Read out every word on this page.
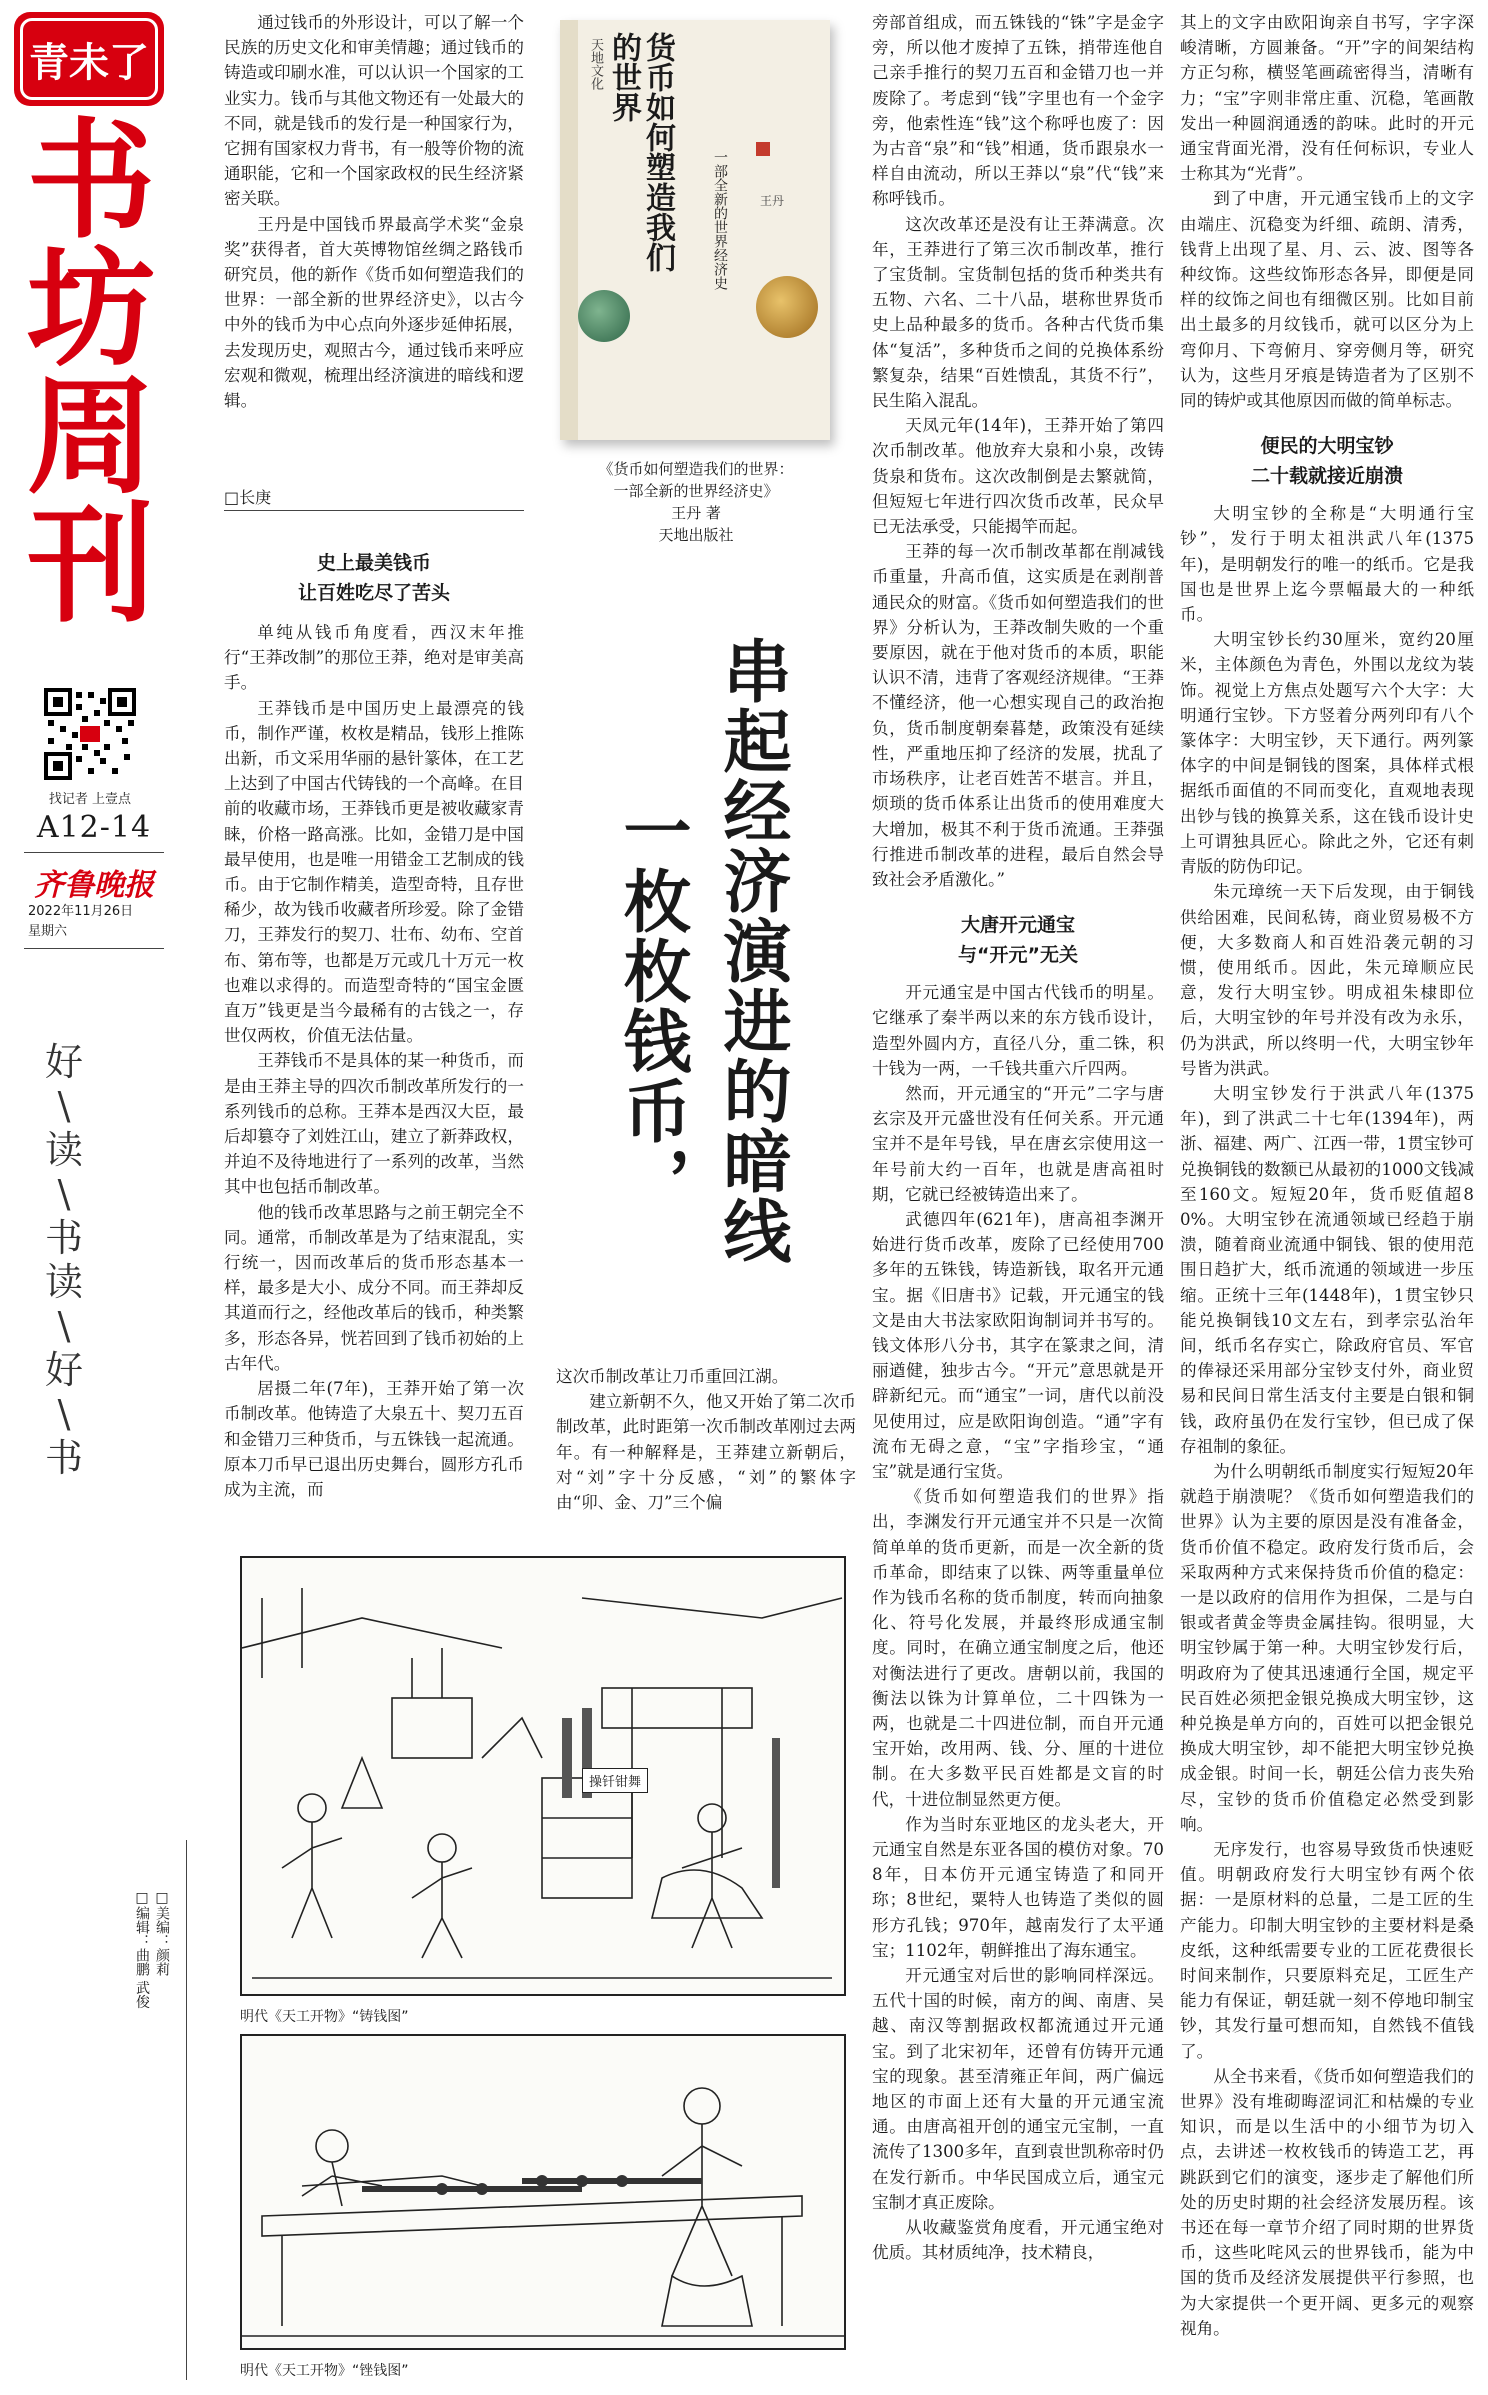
青未了
书
坊
周
刊
找记者 上壹点
A12-14
齐鲁晚报
2022年11月26日
星期六
好
\
读
\
书
读
\
好
\
书
□美编：颜莉
□编辑：曲鹏 武俊

通过钱币的外形设计，可以了解一个民族的历史文化和审美情趣；通过钱币的铸造或印刷水准，可以认识一个国家的工业实力。钱币与其他文物还有一处最大的不同，就是钱币的发行是一种国家行为，它拥有国家权力背书，有一般等价物的流通职能，它和一个国家政权的民生经济紧密关联。

王丹是中国钱币界最高学术奖“金泉奖”获得者，首大英博物馆丝绸之路钱币研究员，他的新作《货币如何塑造我们的世界：一部全新的世界经济史》，以古今中外的钱币为中心点向外逐步延伸拓展，去发现历史，观照古今，通过钱币来呼应宏观和微观，梳理出经济演进的暗线和逻辑。

□长庚
史上最美钱币
让百姓吃尽了苦头

单纯从钱币角度看，西汉末年推行“王莽改制”的那位王莽，绝对是审美高手。

王莽钱币是中国历史上最漂亮的钱币，制作严谨，枚枚是精品，钱形上推陈出新，币文采用华丽的悬针篆体，在工艺上达到了中国古代铸钱的一个高峰。在目前的收藏市场，王莽钱币更是被收藏家青睐，价格一路高涨。比如，金错刀是中国最早使用，也是唯一用错金工艺制成的钱币。由于它制作精美，造型奇特，且存世稀少，故为钱币收藏者所珍爱。除了金错刀，王莽发行的契刀、壮布、幼布、空首布、第布等，也都是万元或几十万元一枚也难以求得的。而造型奇特的“国宝金匮直万”钱更是当今最稀有的古钱之一，存世仅两枚，价值无法估量。

王莽钱币不是具体的某一种货币，而是由王莽主导的四次币制改革所发行的一系列钱币的总称。王莽本是西汉大臣，最后却篡夺了刘姓江山，建立了新莽政权，并迫不及待地进行了一系列的改革，当然其中也包括币制改革。

他的钱币改革思路与之前王朝完全不同。通常，币制改革是为了结束混乱，实行统一，因而改革后的货币形态基本一样，最多是大小、成分不同。而王莽却反其道而行之，经他改革后的钱币，种类繁多，形态各异，恍若回到了钱币初始的上古年代。

居摄二年(7年)，王莽开始了第一次币制改革。他铸造了大泉五十、契刀五百和金错刀三种货币，与五铢钱一起流通。原本刀币早已退出历史舞台，圆形方孔币成为主流，而

天地文化	货币如何塑造我们的世界
一部全新的世界经济史	王丹
《货币如何塑造我们的世界：
一部全新的世界经济史》
王丹 著
天地出版社
串起经济演进的暗线
一枚枚钱币，

这次币制改革让刀币重回江湖。

建立新朝不久，他又开始了第二次币制改革，此时距第一次币制改革刚过去两年。有一种解释是，王莽建立新朝后，对“刘”字十分反感，“刘”的繁体字由“卯、金、刀”三个偏

操钎钳舞
明代《天工开物》“铸钱图”
明代《天工开物》“锉钱图”

旁部首组成，而五铢钱的“铢”字是金字旁，所以他才废掉了五铢，捎带连他自己亲手推行的契刀五百和金错刀也一并废除了。考虑到“钱”字里也有一个金字旁，他索性连“钱”这个称呼也废了：因为古音“泉”和“钱”相通，货币跟泉水一样自由流动，所以王莽以“泉”代“钱”来称呼钱币。

这次改革还是没有让王莽满意。次年，王莽进行了第三次币制改革，推行了宝货制。宝货制包括的货币种类共有五物、六名、二十八品，堪称世界货币史上品种最多的货币。各种古代货币集体“复活”，多种货币之间的兑换体系纷繁复杂，结果“百姓愦乱，其货不行”，民生陷入混乱。

天凤元年(14年)，王莽开始了第四次币制改革。他放弃大泉和小泉，改铸货泉和货布。这次改制倒是去繁就简，但短短七年进行四次货币改革，民众早已无法承受，只能揭竿而起。

王莽的每一次币制改革都在削减钱币重量，升高币值，这实质是在剥削普通民众的财富。《货币如何塑造我们的世界》分析认为，王莽改制失败的一个重要原因，就在于他对货币的本质，职能认识不清，违背了客观经济规律。“王莽不懂经济，他一心想实现自己的政治抱负，货币制度朝秦暮楚，政策没有延续性，严重地压抑了经济的发展，扰乱了市场秩序，让老百姓苦不堪言。并且，烦琐的货币体系让出货币的使用难度大大增加，极其不利于货币流通。王莽强行推进币制改革的进程，最后自然会导致社会矛盾激化。”

大唐开元通宝
与“开元”无关

开元通宝是中国古代钱币的明星。它继承了秦半两以来的东方钱币设计，造型外圆内方，直径八分，重二铢，积十钱为一两，一千钱共重六斤四两。

然而，开元通宝的“开元”二字与唐玄宗及开元盛世没有任何关系。开元通宝并不是年号钱，早在唐玄宗使用这一年号前大约一百年，也就是唐高祖时期，它就已经被铸造出来了。

武德四年(621年)，唐高祖李渊开始进行货币改革，废除了已经使用700多年的五铢钱，铸造新钱，取名开元通宝。据《旧唐书》记载，开元通宝的钱文是由大书法家欧阳询制词并书写的。钱文体形八分书，其字在篆隶之间，清丽遒健，独步古今。“开元”意思就是开辟新纪元。而“通宝”一词，唐代以前没见使用过，应是欧阳询创造。“通”字有流布无碍之意，“宝”字指珍宝，“通宝”就是通行宝货。

《货币如何塑造我们的世界》指出，李渊发行开元通宝并不只是一次简简单单的货币更新，而是一次全新的货币革命，即结束了以铢、两等重量单位作为钱币名称的货币制度，转而向抽象化、符号化发展，并最终形成通宝制度。同时，在确立通宝制度之后，他还对衡法进行了更改。唐朝以前，我国的衡法以铢为计算单位，二十四铢为一两，也就是二十四进位制，而自开元通宝开始，改用两、钱、分、厘的十进位制。在大多数平民百姓都是文盲的时代，十进位制显然更方便。

作为当时东亚地区的龙头老大，开元通宝自然是东亚各国的模仿对象。708年，日本仿开元通宝铸造了和同开珎；8世纪，粟特人也铸造了类似的圆形方孔钱；970年，越南发行了太平通宝；1102年，朝鲜推出了海东通宝。

开元通宝对后世的影响同样深远。五代十国的时候，南方的闽、南唐、吴越、南汉等割据政权都流通过开元通宝。到了北宋初年，还曾有仿铸开元通宝的现象。甚至清雍正年间，两广偏远地区的市面上还有大量的开元通宝流通。由唐高祖开创的通宝元宝制，一直流传了1300多年，直到袁世凯称帝时仍在发行新币。中华民国成立后，通宝元宝制才真正废除。

从收藏鉴赏角度看，开元通宝绝对优质。其材质纯净，技术精良，

其上的文字由欧阳询亲自书写，字字深峻清晰，方圆兼备。“开”字的间架结构方正匀称，横竖笔画疏密得当，清晰有力；“宝”字则非常庄重、沉稳，笔画散发出一种圆润通透的韵味。此时的开元通宝背面光滑，没有任何标识，专业人士称其为“光背”。

到了中唐，开元通宝钱币上的文字由端庄、沉稳变为纤细、疏朗、清秀，钱背上出现了星、月、云、波、图等各种纹饰。这些纹饰形态各异，即便是同样的纹饰之间也有细微区别。比如目前出土最多的月纹钱币，就可以区分为上弯仰月、下弯俯月、穿旁侧月等，研究认为，这些月牙痕是铸造者为了区别不同的铸炉或其他原因而做的简单标志。

便民的大明宝钞
二十载就接近崩溃

大明宝钞的全称是“大明通行宝钞”，发行于明太祖洪武八年(1375年)，是明朝发行的唯一的纸币。它是我国也是世界上迄今票幅最大的一种纸币。

大明宝钞长约30厘米，宽约20厘米，主体颜色为青色，外围以龙纹为装饰。视觉上方焦点处题写六个大字：大明通行宝钞。下方竖着分两列印有八个篆体字：大明宝钞，天下通行。两列篆体字的中间是铜钱的图案，具体样式根据纸币面值的不同而变化，直观地表现出钞与钱的换算关系，这在钱币设计史上可谓独具匠心。除此之外，它还有刺青版的防伪印记。

朱元璋统一天下后发现，由于铜钱供给困难，民间私铸，商业贸易极不方便，大多数商人和百姓沿袭元朝的习惯，使用纸币。因此，朱元璋顺应民意，发行大明宝钞。明成祖朱棣即位后，大明宝钞的年号并没有改为永乐，仍为洪武，所以终明一代，大明宝钞年号皆为洪武。

大明宝钞发行于洪武八年(1375年)，到了洪武二十七年(1394年)，两浙、福建、两广、江西一带，1贯宝钞可兑换铜钱的数额已从最初的1000文钱减至160文。短短20年，货币贬值超80%。大明宝钞在流通领域已经趋于崩溃，随着商业流通中铜钱、银的使用范围日趋扩大，纸币流通的领域进一步压缩。正统十三年(1448年)，1贯宝钞只能兑换铜钱10文左右，到孝宗弘治年间，纸币名存实亡，除政府官员、军官的俸禄还采用部分宝钞支付外，商业贸易和民间日常生活支付主要是白银和铜钱，政府虽仍在发行宝钞，但已成了保存祖制的象征。

为什么明朝纸币制度实行短短20年就趋于崩溃呢？《货币如何塑造我们的世界》认为主要的原因是没有准备金，货币价值不稳定。政府发行货币后，会采取两种方式来保持货币价值的稳定：一是以政府的信用作为担保，二是与白银或者黄金等贵金属挂钩。很明显，大明宝钞属于第一种。大明宝钞发行后，明政府为了使其迅速通行全国，规定平民百姓必须把金银兑换成大明宝钞，这种兑换是单方向的，百姓可以把金银兑换成大明宝钞，却不能把大明宝钞兑换成金银。时间一长，朝廷公信力丧失殆尽，宝钞的货币价值稳定必然受到影响。

无序发行，也容易导致货币快速贬值。明朝政府发行大明宝钞有两个依据：一是原材料的总量，二是工匠的生产能力。印制大明宝钞的主要材料是桑皮纸，这种纸需要专业的工匠花费很长时间来制作，只要原料充足，工匠生产能力有保证，朝廷就一刻不停地印制宝钞，其发行量可想而知，自然钱不值钱了。

从全书来看，《货币如何塑造我们的世界》没有堆砌晦涩词汇和枯燥的专业知识，而是以生活中的小细节为切入点，去讲述一枚枚钱币的铸造工艺，再跳跃到它们的演变，逐步走了解他们所处的历史时期的社会经济发展历程。该书还在每一章节介绍了同时期的世界货币，这些叱咤风云的世界钱币，能为中国的货币及经济发展提供平行参照，也为大家提供一个更开阔、更多元的观察视角。
